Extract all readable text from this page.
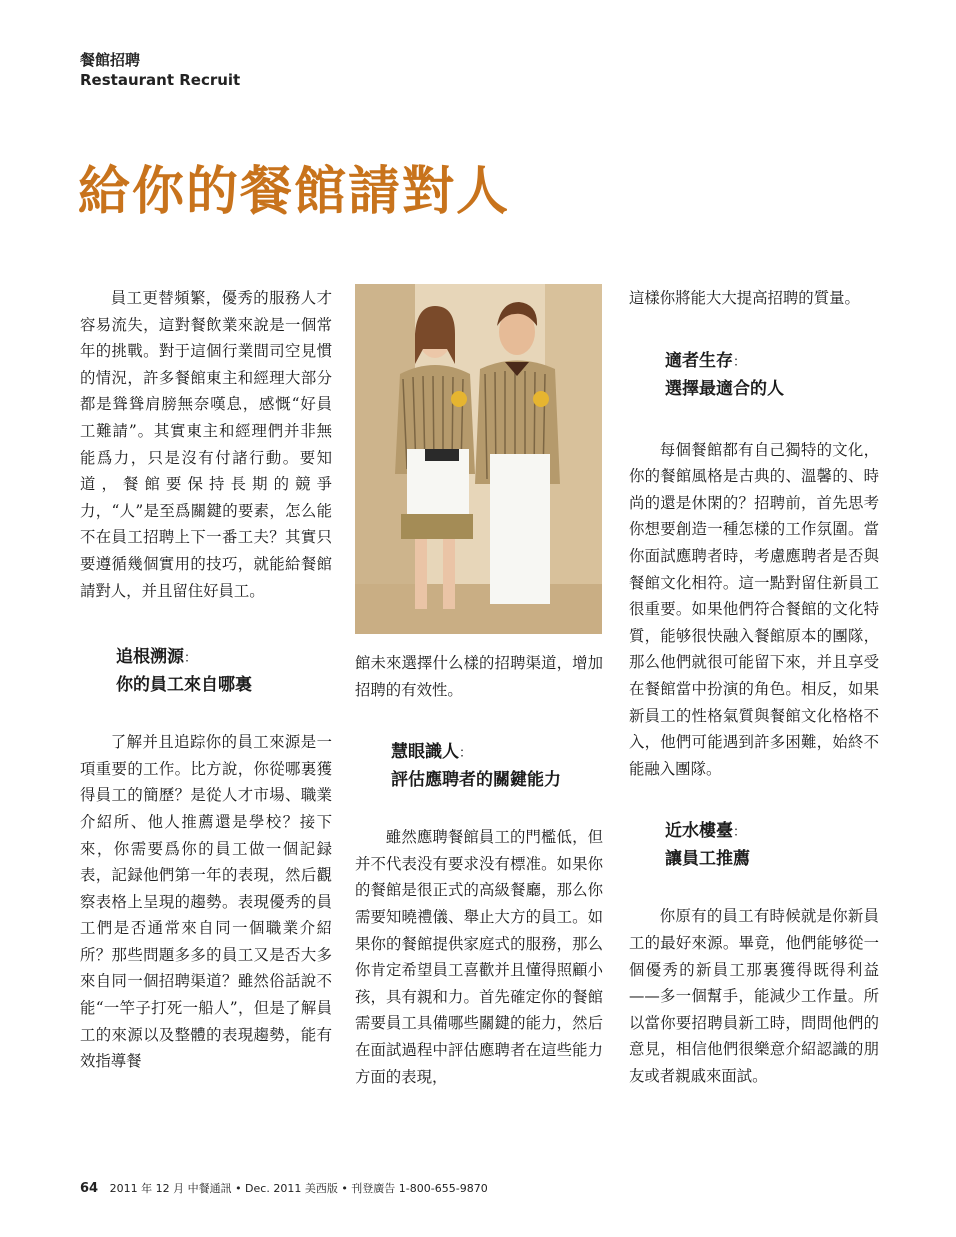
餐館招聘
Restaurant Recruit
給你的餐館請對人

員工更替頻繁，優秀的服務人才容易流失，這對餐飲業來說是一個常年的挑戰。對于這個行業間司空見慣的情況，許多餐館東主和經理大部分都是聳聳肩膀無奈嘆息，感慨“好員工難請”。其實東主和經理們并非無能爲力，只是沒有付諸行動。要知道，餐館要保持長期的競爭力，“人”是至爲關鍵的要素，怎么能不在員工招聘上下一番工夫？其實只要遵循幾個實用的技巧，就能給餐館請對人，并且留住好員工。

追根溯源：
你的員工來自哪裏

了解并且追踪你的員工來源是一項重要的工作。比方說，你從哪裏獲得員工的簡歷？是從人才市場、職業介紹所、他人推薦還是學校？接下來，你需要爲你的員工做一個記録表，記録他們第一年的表現，然后觀察表格上呈現的趨勢。表現優秀的員工們是否通常來自同一個職業介紹所？那些問題多多的員工又是否大多來自同一個招聘渠道？雖然俗話說不能“一竿子打死一船人”，但是了解員工的來源以及整體的表現趨勢，能有效指導餐

館未來選擇什么樣的招聘渠道，增加招聘的有效性。

慧眼識人：
評估應聘者的關鍵能力

雖然應聘餐館員工的門檻低，但并不代表没有要求没有標准。如果你的餐館是很正式的高級餐廳，那么你需要知曉禮儀、舉止大方的員工。如果你的餐館提供家庭式的服務，那么你肯定希望員工喜歡并且懂得照顧小孩，具有親和力。首先確定你的餐館需要員工具備哪些關鍵的能力，然后在面試過程中評估應聘者在這些能力方面的表現，

這樣你將能大大提高招聘的質量。

適者生存：
選擇最適合的人

每個餐館都有自己獨特的文化，你的餐館風格是古典的、溫馨的、時尚的還是休閑的？招聘前，首先思考你想要創造一種怎樣的工作氛圍。當你面試應聘者時，考慮應聘者是否與餐館文化相符。這一點對留住新員工很重要。如果他們符合餐館的文化特質，能够很快融入餐館原本的團隊，那么他們就很可能留下來，并且享受在餐館當中扮演的角色。相反，如果新員工的性格氣質與餐館文化格格不入，他們可能遇到許多困難，始終不能融入團隊。

近水樓臺：
讓員工推薦

你原有的員工有時候就是你新員工的最好來源。畢竟，他們能够從一個優秀的新員工那裏獲得既得利益——多一個幫手，能減少工作量。所以當你要招聘員新工時，問問他們的意見，相信他們很樂意介紹認識的朋友或者親戚來面試。

64 2011 年 12 月 中餐通訊 • Dec. 2011 美西版 • 刊登廣告 1-800-655-9870
